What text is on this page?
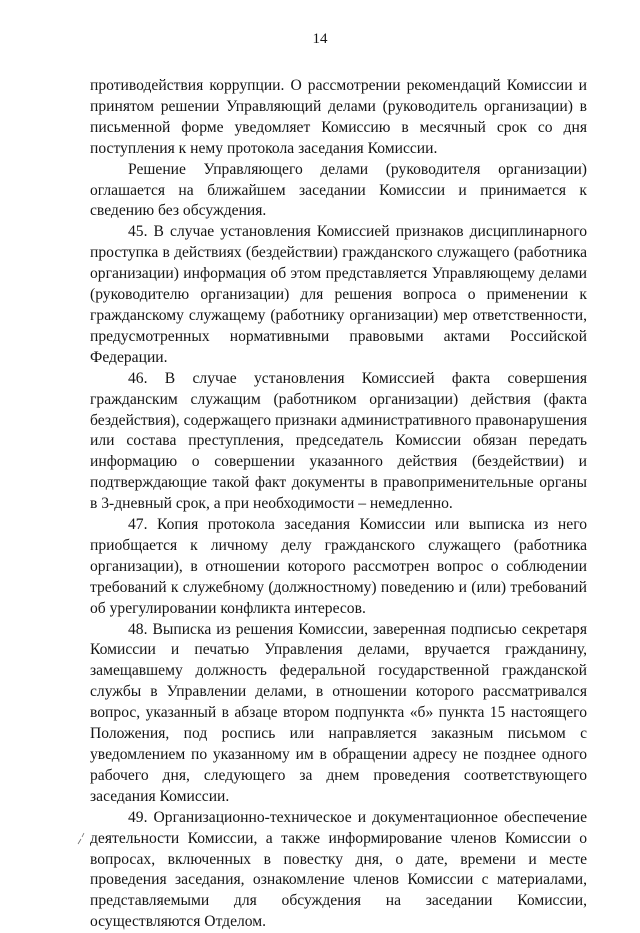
14

противодействия коррупции. О рассмотрении рекомендаций Комиссии и принятом решении Управляющий делами (руководитель организации) в письменной форме уведомляет Комиссию в месячный срок со дня поступления к нему протокола заседания Комиссии.

Решение Управляющего делами (руководителя организации) оглашается на ближайшем заседании Комиссии и принимается к сведению без обсуждения.

45. В случае установления Комиссией признаков дисциплинарного проступка в действиях (бездействии) гражданского служащего (работника организации) информация об этом представляется Управляющему делами (руководителю организации) для решения вопроса о применении к гражданскому служащему (работнику организации) мер ответственности, предусмотренных нормативными правовыми актами Российской Федерации.

46. В случае установления Комиссией факта совершения гражданским служащим (работником организации) действия (факта бездействия), содержащего признаки административного правонарушения или состава преступления, председатель Комиссии обязан передать информацию о совершении указанного действия (бездействии) и подтверждающие такой факт документы в правоприменительные органы в 3-дневный срок, а при необходимости – немедленно.

47. Копия протокола заседания Комиссии или выписка из него приобщается к личному делу гражданского служащего (работника организации), в отношении которого рассмотрен вопрос о соблюдении требований к служебному (должностному) поведению и (или) требований об урегулировании конфликта интересов.

48. Выписка из решения Комиссии, заверенная подписью секретаря Комиссии и печатью Управления делами, вручается гражданину, замещавшему должность федеральной государственной гражданской службы в Управлении делами, в отношении которого рассматривался вопрос, указанный в абзаце втором подпункта «б» пункта 15 настоящего Положения, под роспись или направляется заказным письмом с уведомлением по указанному им в обращении адресу не позднее одного рабочего дня, следующего за днем проведения соответствующего заседания Комиссии.

49. Организационно-техническое и документационное обеспечение деятельности Комиссии, а также информирование членов Комиссии о вопросах, включенных в повестку дня, о дате, времени и месте проведения заседания, ознакомление членов Комиссии с материалами, представляемыми для обсуждения на заседании Комиссии, осуществляются Отделом.
